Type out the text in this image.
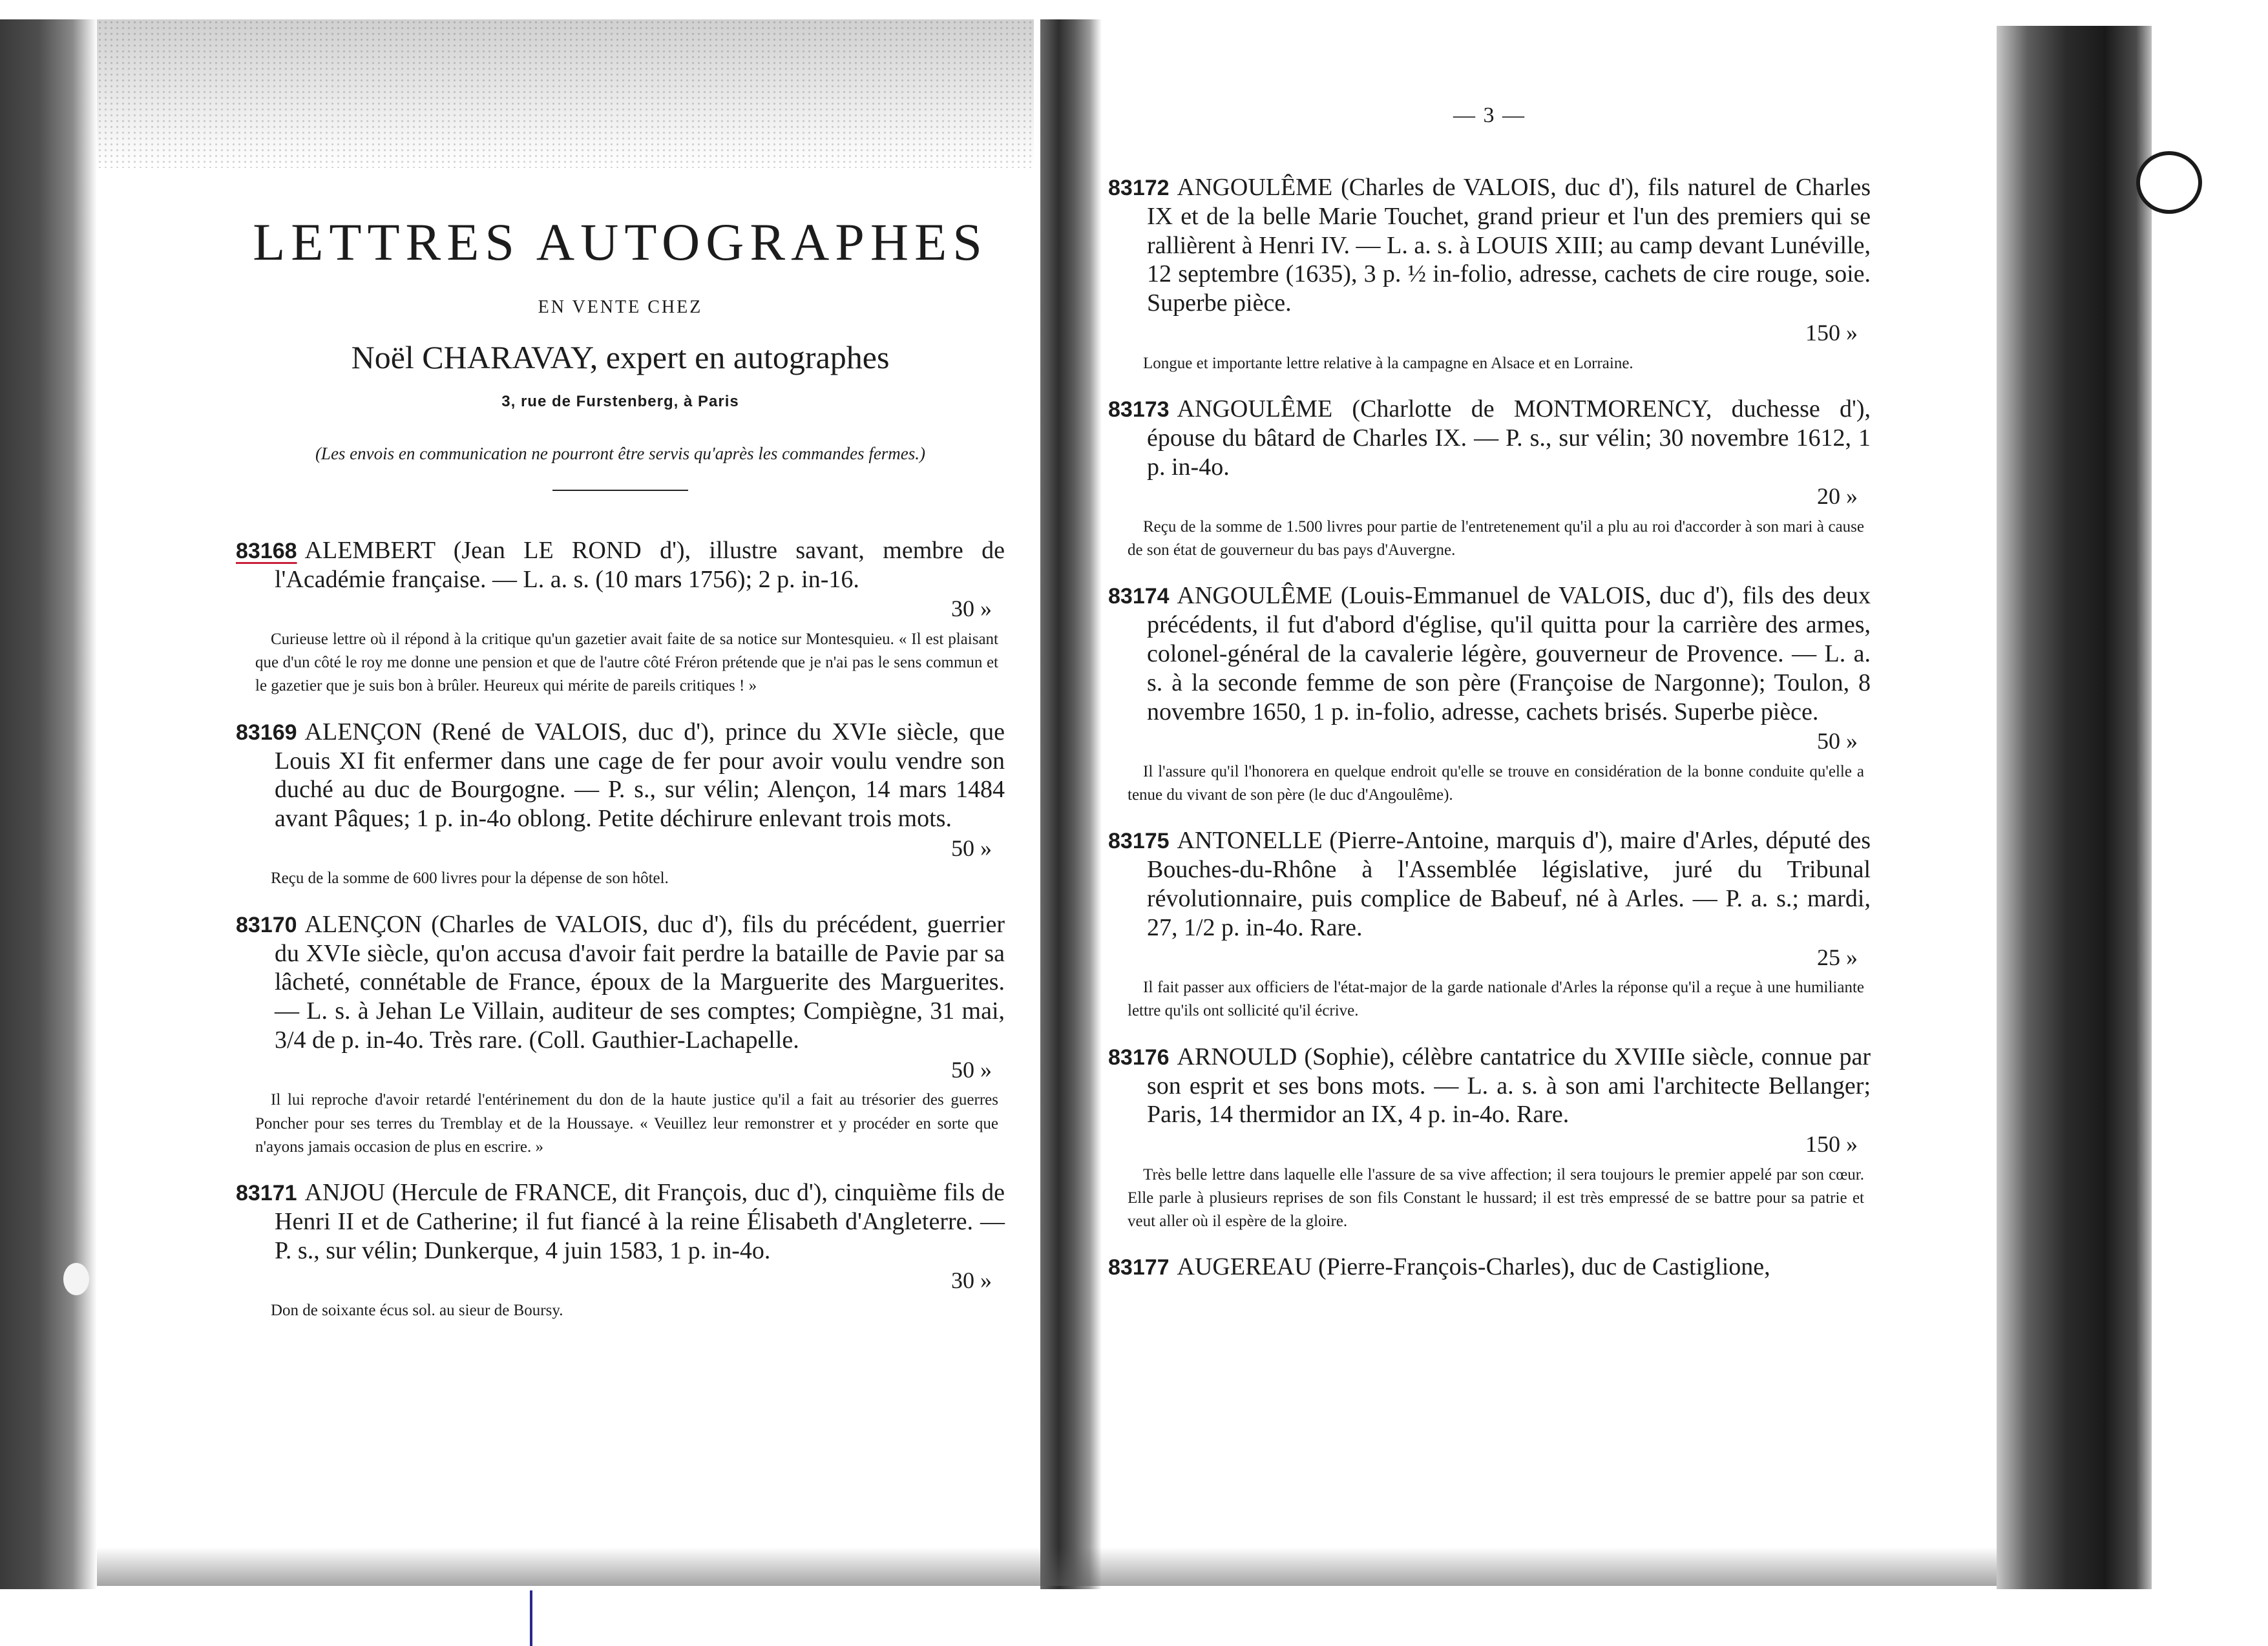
LETTRES AUTOGRAPHES
EN VENTE CHEZ
Noël CHARAVAY, expert en autographes
3, rue de Furstenberg, à Paris
(Les envois en communication ne pourront être servis qu'après les commandes fermes.)
83168 ALEMBERT (Jean LE ROND d'), illustre savant, membre de l'Académie française. — L. a. s. (10 mars 1756); 2 p. in-16.
30 »
Curieuse lettre où il répond à la critique qu'un gazetier avait faite de sa notice sur Montesquieu. « Il est plaisant que d'un côté le roy me donne une pension et que de l'autre côté Fréron prétende que je n'ai pas le sens commun et le gazetier que je suis bon à brûler. Heureux qui mérite de pareils critiques ! »
83169 ALENÇON (René de VALOIS, duc d'), prince du XVIe siècle, que Louis XI fit enfermer dans une cage de fer pour avoir voulu vendre son duché au duc de Bourgogne. — P. s., sur vélin; Alençon, 14 mars 1484 avant Pâques; 1 p. in-4o oblong. Petite déchirure enlevant trois mots.
50 »
Reçu de la somme de 600 livres pour la dépense de son hôtel.
83170 ALENÇON (Charles de VALOIS, duc d'), fils du précédent, guerrier du XVIe siècle, qu'on accusa d'avoir fait perdre la bataille de Pavie par sa lâcheté, connétable de France, époux de la Marguerite des Marguerites. — L. s. à Jehan Le Villain, auditeur de ses comptes; Compiègne, 31 mai, 3/4 de p. in-4o. Très rare. (Coll. Gauthier-Lachapelle.
50 »
Il lui reproche d'avoir retardé l'entérinement du don de la haute justice qu'il a fait au trésorier des guerres Poncher pour ses terres du Tremblay et de la Houssaye. « Veuillez leur remonstrer et y procéder en sorte que n'ayons jamais occasion de plus en escrire. »
83171 ANJOU (Hercule de FRANCE, dit François, duc d'), cinquième fils de Henri II et de Catherine; il fut fiancé à la reine Élisabeth d'Angleterre. — P. s., sur vélin; Dunkerque, 4 juin 1583, 1 p. in-4o.
30 »
Don de soixante écus sol. au sieur de Boursy.
— 3 —
83172 ANGOULÊME (Charles de VALOIS, duc d'), fils naturel de Charles IX et de la belle Marie Touchet, grand prieur et l'un des premiers qui se rallièrent à Henri IV. — L. a. s. à LOUIS XIII; au camp devant Lunéville, 12 septembre (1635), 3 p. ½ in-folio, adresse, cachets de cire rouge, soie. Superbe pièce.
150 »
Longue et importante lettre relative à la campagne en Alsace et en Lorraine.
83173 ANGOULÊME (Charlotte de MONTMORENCY, duchesse d'), épouse du bâtard de Charles IX. — P. s., sur vélin; 30 novembre 1612, 1 p. in-4o.
20 »
Reçu de la somme de 1.500 livres pour partie de l'entretenement qu'il a plu au roi d'accorder à son mari à cause de son état de gouverneur du bas pays d'Auvergne.
83174 ANGOULÊME (Louis-Emmanuel de VALOIS, duc d'), fils des deux précédents, il fut d'abord d'église, qu'il quitta pour la carrière des armes, colonel-général de la cavalerie légère, gouverneur de Provence. — L. a. s. à la seconde femme de son père (Françoise de Nargonne); Toulon, 8 novembre 1650, 1 p. in-folio, adresse, cachets brisés. Superbe pièce.
50 »
Il l'assure qu'il l'honorera en quelque endroit qu'elle se trouve en considération de la bonne conduite qu'elle a tenue du vivant de son père (le duc d'Angoulême).
83175 ANTONELLE (Pierre-Antoine, marquis d'), maire d'Arles, député des Bouches-du-Rhône à l'Assemblée législative, juré du Tribunal révolutionnaire, puis complice de Babeuf, né à Arles. — P. a. s.; mardi, 27, 1/2 p. in-4o. Rare.
25 »
Il fait passer aux officiers de l'état-major de la garde nationale d'Arles la réponse qu'il a reçue à une humiliante lettre qu'ils ont sollicité qu'il écrive.
83176 ARNOULD (Sophie), célèbre cantatrice du XVIIIe siècle, connue par son esprit et ses bons mots. — L. a. s. à son ami l'architecte Bellanger; Paris, 14 thermidor an IX, 4 p. in-4o. Rare.
150 »
Très belle lettre dans laquelle elle l'assure de sa vive affection; il sera toujours le premier appelé par son cœur. Elle parle à plusieurs reprises de son fils Constant le hussard; il est très empressé de se battre pour sa patrie et veut aller où il espère de la gloire.
83177 AUGEREAU (Pierre-François-Charles), duc de Castiglione,
